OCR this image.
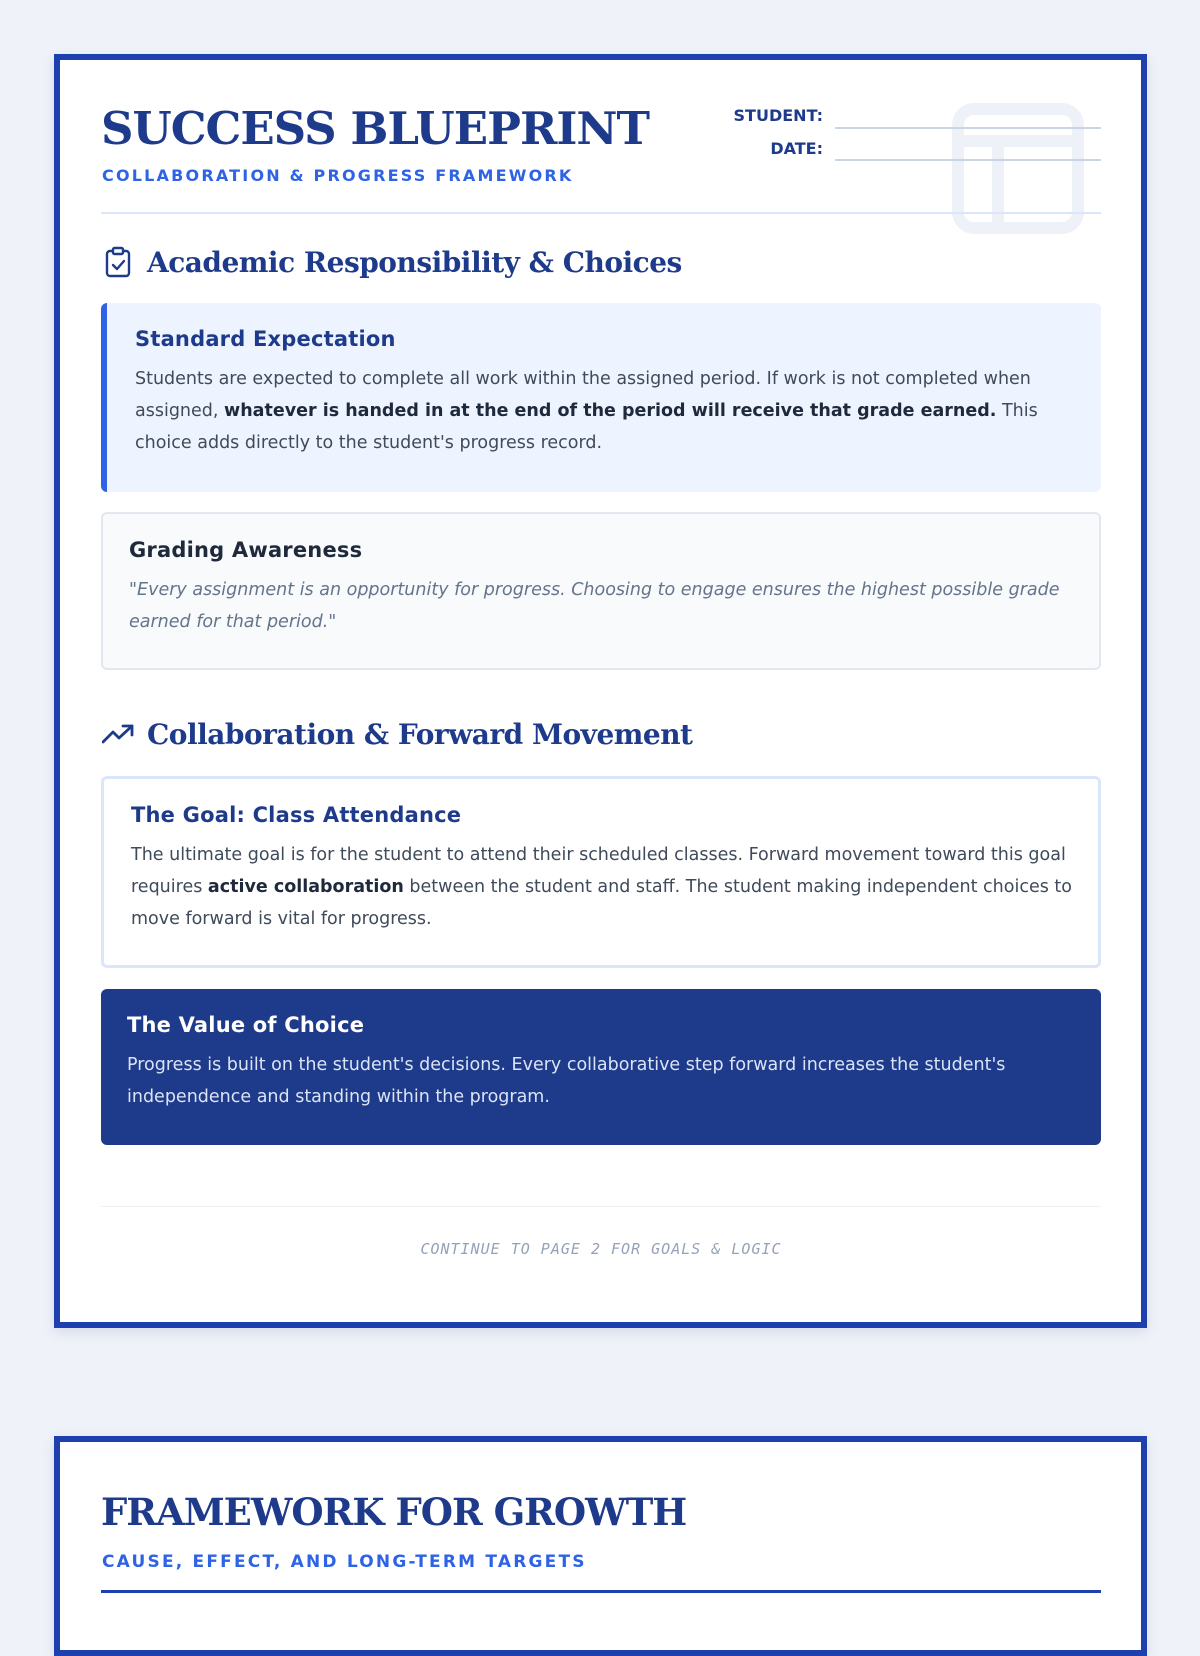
SUCCESS BLUEPRINT
COLLABORATION & PROGRESS FRAMEWORK
STUDENT:
DATE:
Academic Responsibility & Choices
Standard Expectation

Students are expected to complete all work within the assigned period. If work is not completed when assigned, whatever is handed in at the end of the period will receive that grade earned. This choice adds directly to the student's progress record.

Grading Awareness

"Every assignment is an opportunity for progress. Choosing to engage ensures the highest possible grade earned for that period."

Collaboration & Forward Movement
The Goal: Class Attendance

The ultimate goal is for the student to attend their scheduled classes. Forward movement toward this goal requires active collaboration between the student and staff. The student making independent choices to move forward is vital for progress.

The Value of Choice

Progress is built on the student's decisions. Every collaborative step forward increases the student's independence and standing within the program.

CONTINUE TO PAGE 2 FOR GOALS & LOGIC
FRAMEWORK FOR GROWTH
CAUSE, EFFECT, AND LONG-TERM TARGETS
